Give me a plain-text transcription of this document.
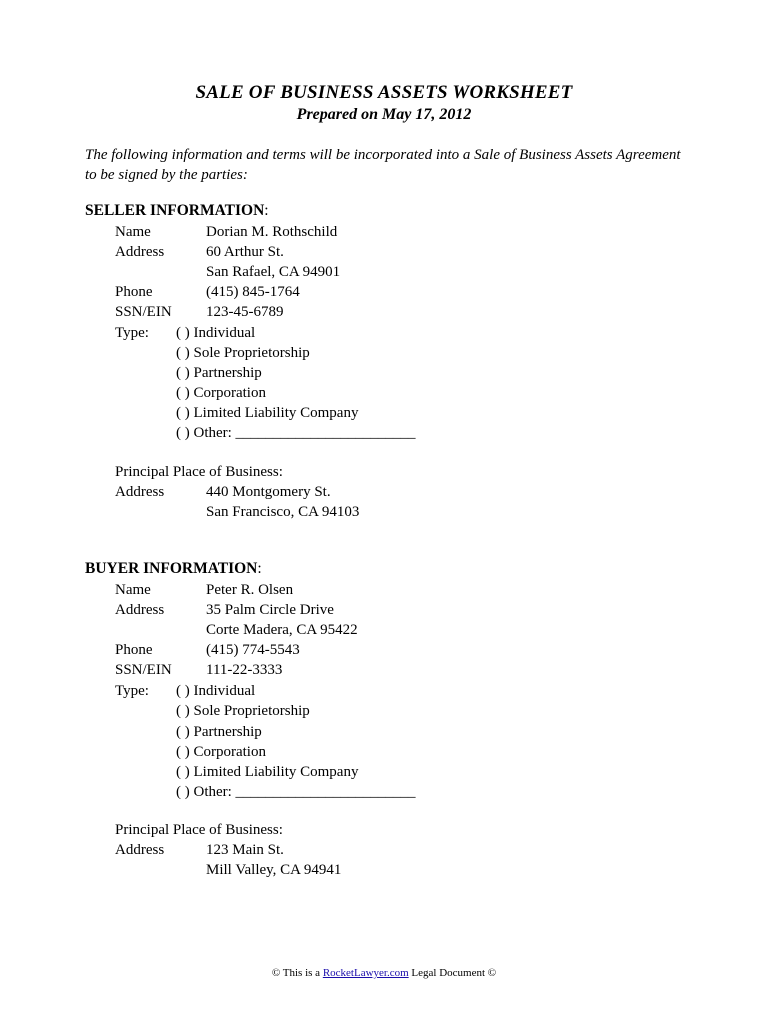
SALE OF BUSINESS ASSETS WORKSHEET
Prepared on May 17, 2012
The following information and terms will be incorporated into a Sale of Business Assets Agreement to be signed by the parties:
SELLER INFORMATION:
Name	Dorian M. Rothschild
Address	60 Arthur St.
San Rafael, CA 94901
Phone	(415) 845-1764
SSN/EIN 123-45-6789
Type: ( ) Individual
( ) Sole Proprietorship
( ) Partnership
( ) Corporation
( ) Limited Liability Company
( ) Other: ________________________
Principal Place of Business:
Address	440 Montgomery St.
San Francisco, CA 94103
BUYER INFORMATION:
Name	Peter R. Olsen
Address	35 Palm Circle Drive
Corte Madera, CA 95422
Phone	(415) 774-5543
SSN/EIN 111-22-3333
Type: ( ) Individual
( ) Sole Proprietorship
( ) Partnership
( ) Corporation
( ) Limited Liability Company
( ) Other: ________________________
Principal Place of Business:
Address	123 Main St.
Mill Valley, CA 94941
© This is a RocketLawyer.com Legal Document ©
